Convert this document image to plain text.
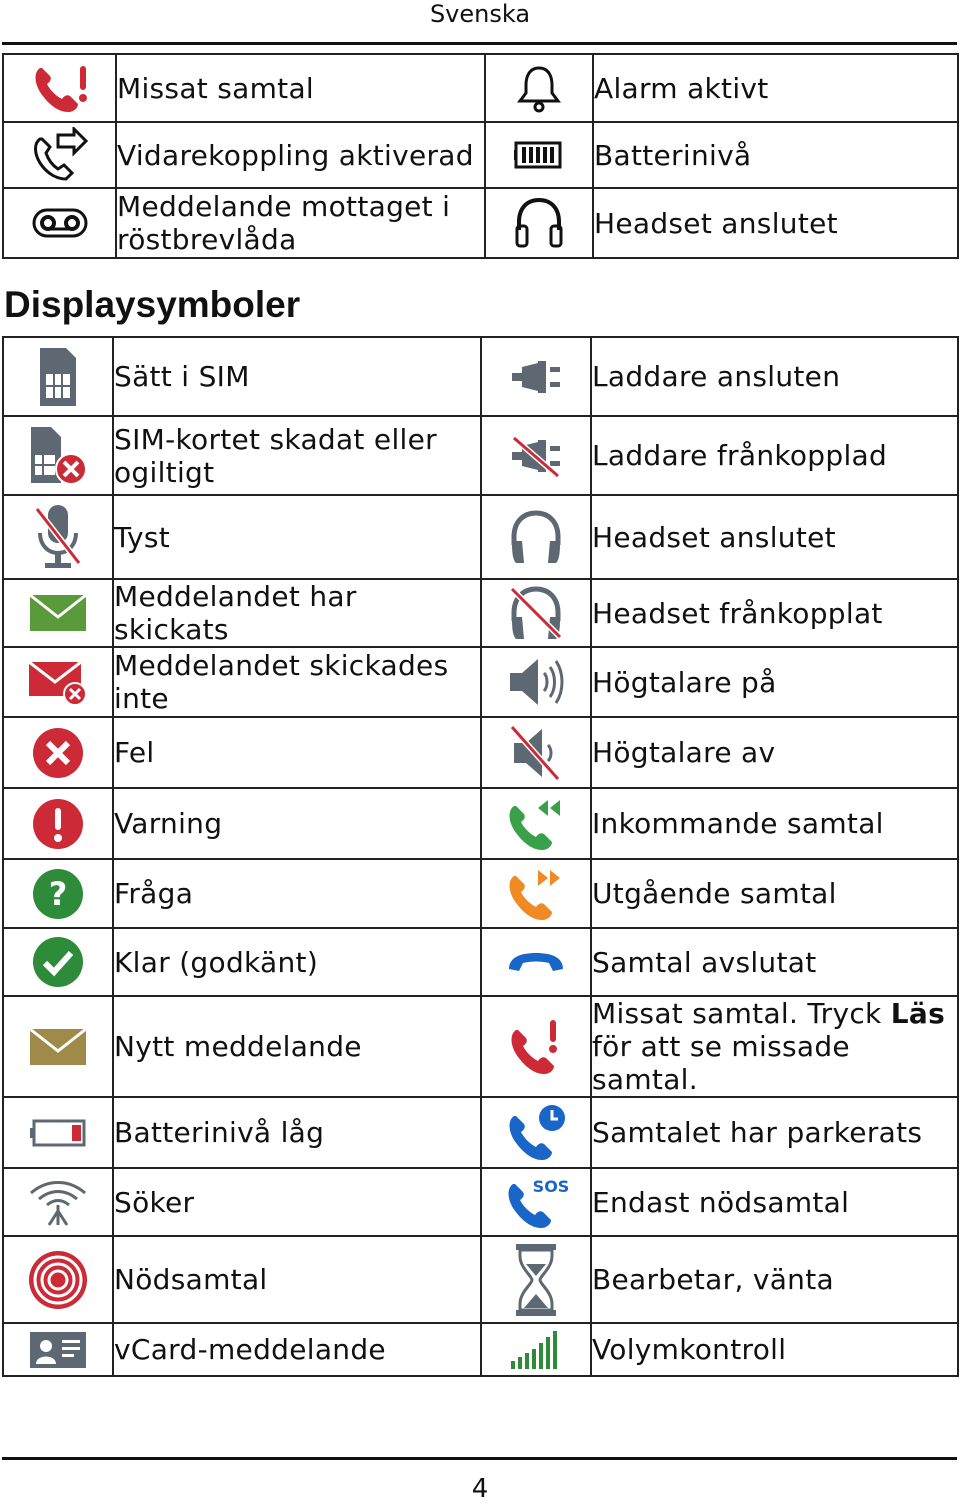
Svenska
	Missat samtal		Alarm aktivt

	Vidarekoppling aktiverad		Batterinivå

	Meddelande mottaget i röstbrevlåda		Headset anslutet
Displaysymboler
	Sätt i SIM		Laddare ansluten

	SIM-kortet skadat eller ogiltigt		Laddare frånkopplad

	Tyst		Headset anslutet

	Meddelandet har skickats		Headset frånkopplat

	Meddelandet skickades inte		Högtalare på

	Fel		Högtalare av

	Varning		Inkommande samtal

?	Fråga		Utgående samtal

	Klar (godkänt)		Samtal avslutat

	Nytt meddelande		Missat samtal. Tryck Läs för att se missade samtal.

	Batterinivå låg		Samtalet har parkerats

	Söker	SOS	Endast nödsamtal

	Nödsamtal		Bearbetar, vänta

	vCard-meddelande		Volymkontroll
4
